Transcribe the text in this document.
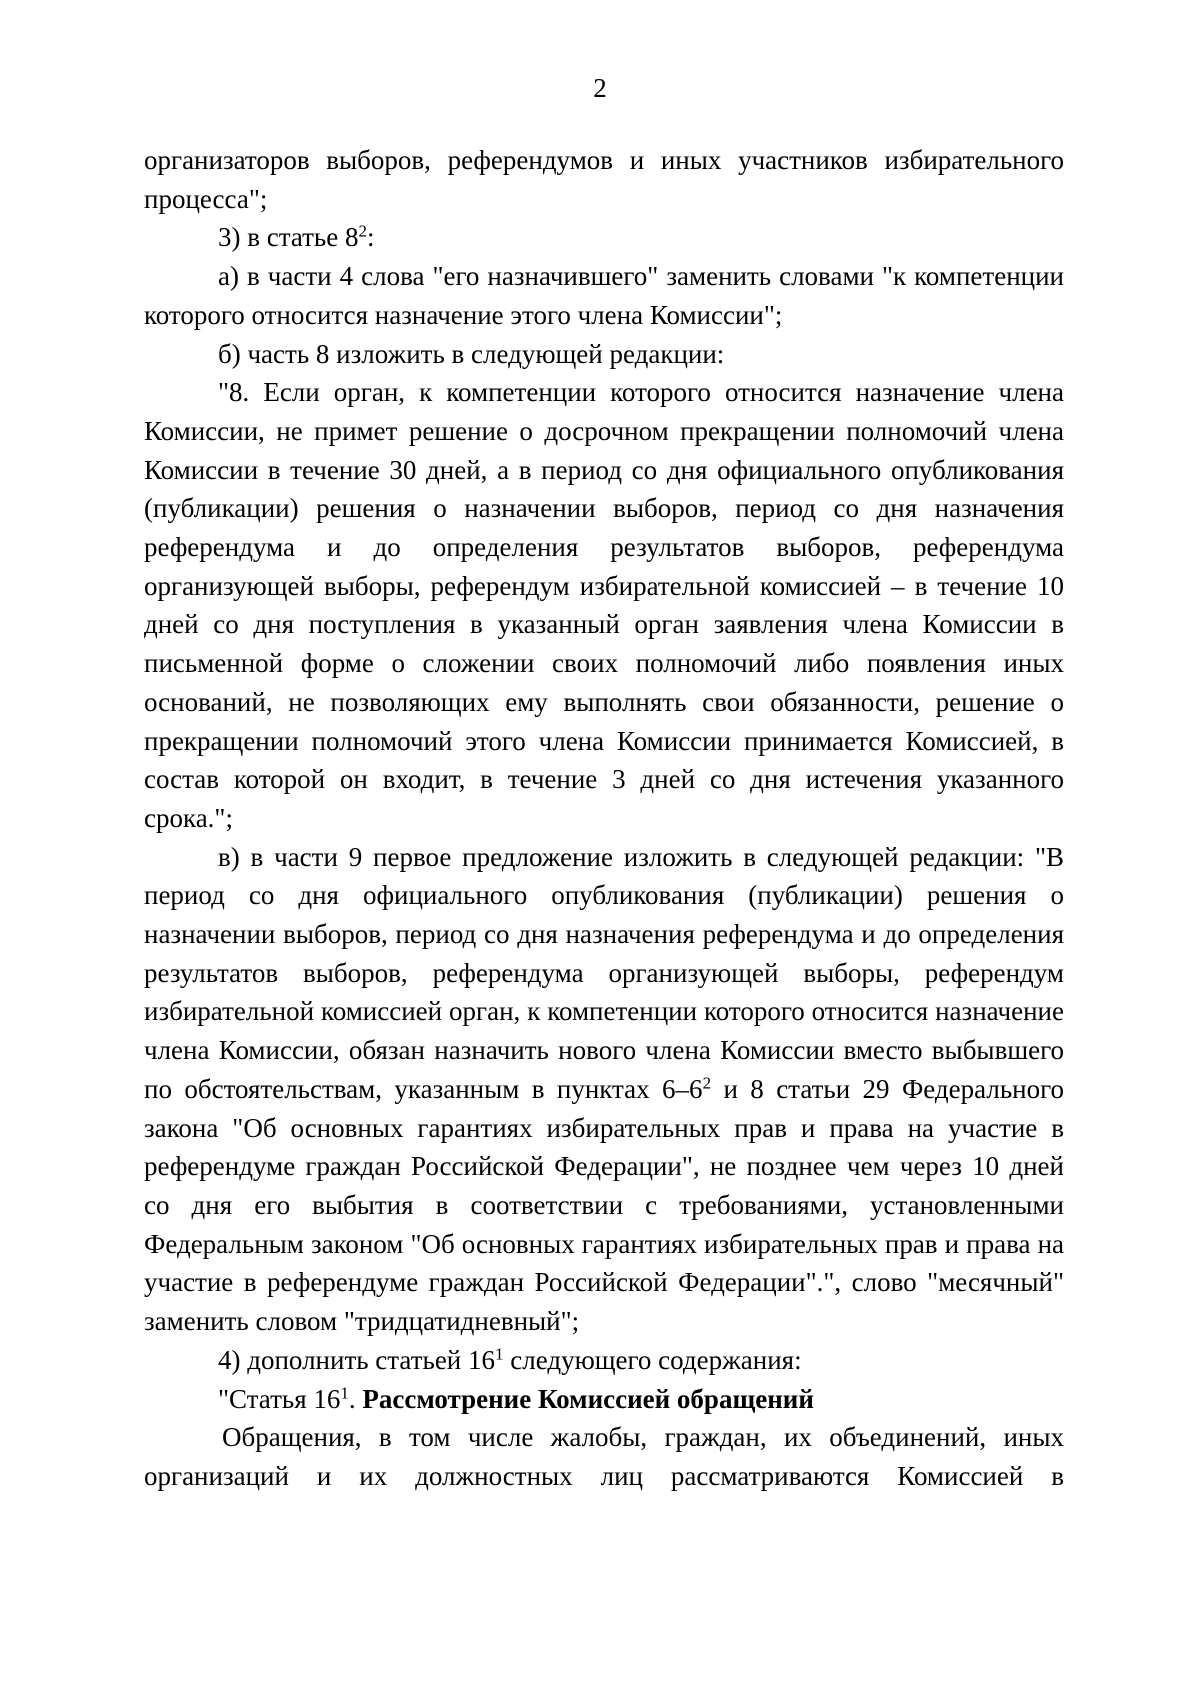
2

организаторов выборов, референдумов и иных участников избирательного процесса";

3) в статье $8^2$:

а) в части 4 слова "его назначившего" заменить словами "к компетенции которого относится назначение этого члена Комиссии";

б) часть 8 изложить в следующей редакции:

"8. Если орган, к компетенции которого относится назначение члена Комиссии, не примет решение о досрочном прекращении полномочий члена Комиссии в течение 30 дней, а в период со дня официального опубликования (публикации) решения о назначении выборов, период со дня назначения референдума и до определения результатов выборов, референдума организующей выборы, референдум избирательной комиссией – в течение 10 дней со дня поступления в указанный орган заявления члена Комиссии в письменной форме о сложении своих полномочий либо появления иных оснований, не позволяющих ему выполнять свои обязанности, решение о прекращении полномочий этого члена Комиссии принимается Комиссией, в состав которой он входит, в течение 3 дней со дня истечения указанного срока.";

в) в части 9 первое предложение изложить в следующей редакции: "В период со дня официального опубликования (публикации) решения о назначении выборов, период со дня назначения референдума и до определения результатов выборов, референдума организующей выборы, референдум избирательной комиссией орган, к компетенции которого относится назначение члена Комиссии, обязан назначить нового члена Комиссии вместо выбывшего по обстоятельствам, указанным в пунктах $6-6^2$ и 8 статьи 29 Федерального закона "Об основных гарантиях избирательных прав и права на участие в референдуме граждан Российской Федерации", не позднее чем через 10 дней со дня его выбытия в соответствии с требованиями, установленными Федеральным законом "Об основных гарантиях избирательных прав и права на участие в референдуме граждан Российской Федерации".", слово "месячный" заменить словом "тридцатидневный";

4) дополнить статьей $16^1$ следующего содержания:

"Статья $16^1$. Рассмотрение Комиссией обращений

Обращения, в том числе жалобы, граждан, их объединений, иных организаций и их должностных лиц рассматриваются Комиссией в
